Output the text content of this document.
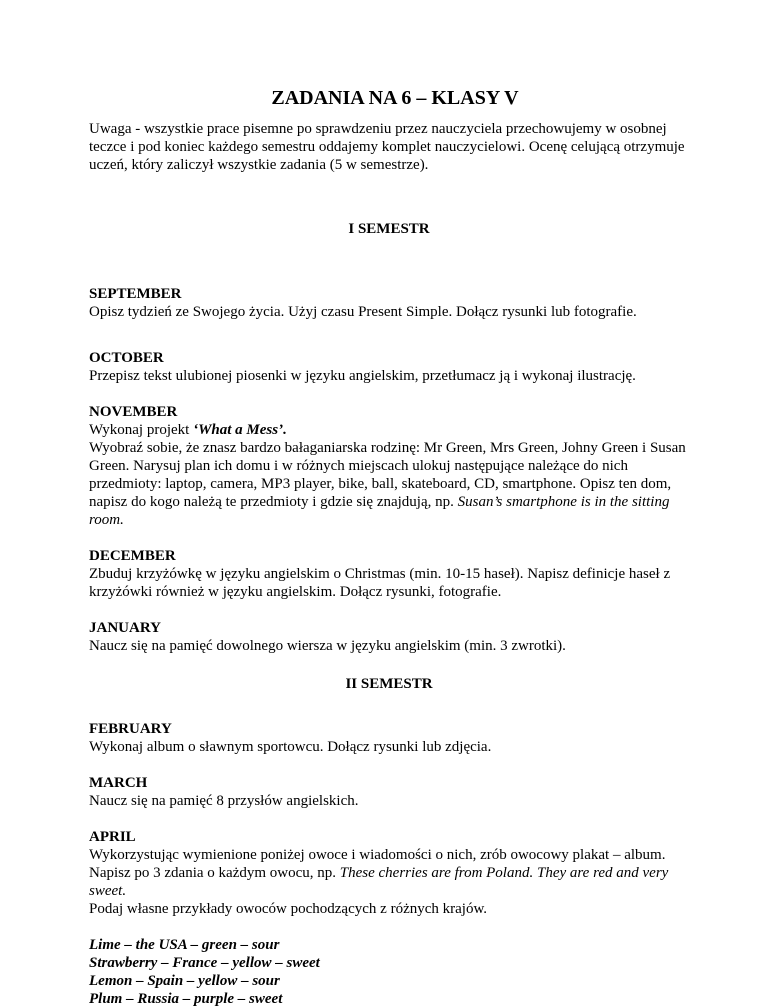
ZADANIA NA 6 – KLASY V

Uwaga - wszystkie prace pisemne po sprawdzeniu przez nauczyciela przechowujemy w osobnej teczce i pod koniec każdego semestru oddajemy komplet nauczycielowi. Ocenę celującą otrzymuje uczeń, który zaliczył wszystkie zadania (5 w semestrze).

I SEMESTR

SEPTEMBER

Opisz tydzień ze Swojego życia. Użyj czasu Present Simple. Dołącz rysunki lub fotografie.

OCTOBER

Przepisz tekst ulubionej piosenki w języku angielskim, przetłumacz ją i wykonaj ilustrację.

NOVEMBER

Wykonaj projekt ‘What a Mess’.

Wyobraź sobie, że znasz bardzo bałaganiarska rodzinę: Mr Green, Mrs Green, Johny Green i Susan Green. Narysuj plan ich domu i w różnych miejscach ulokuj następujące należące do nich przedmioty: laptop, camera, MP3 player, bike, ball, skateboard, CD, smartphone. Opisz ten dom, napisz do kogo należą te przedmioty i gdzie się znajdują, np. Susan’s smartphone is in the sitting room.

DECEMBER

Zbuduj krzyżówkę w języku angielskim o Christmas (min. 10-15 haseł). Napisz definicje haseł z krzyżówki również w języku angielskim. Dołącz rysunki, fotografie.

JANUARY

Naucz się na pamięć dowolnego wiersza w języku angielskim (min. 3 zwrotki).

II SEMESTR

FEBRUARY

Wykonaj album o sławnym sportowcu. Dołącz rysunki lub zdjęcia.

MARCH

Naucz się na pamięć 8 przysłów angielskich.

APRIL

Wykorzystując wymienione poniżej owoce i wiadomości o nich, zrób owocowy plakat – album. Napisz po 3 zdania o każdym owocu, np. These cherries are from Poland. They are red and very sweet.

Podaj własne przykłady owoców pochodzących z różnych krajów.

Lime – the USA – green – sour

Strawberry – France – yellow – sweet

Lemon – Spain – yellow – sour

Plum – Russia – purple – sweet
